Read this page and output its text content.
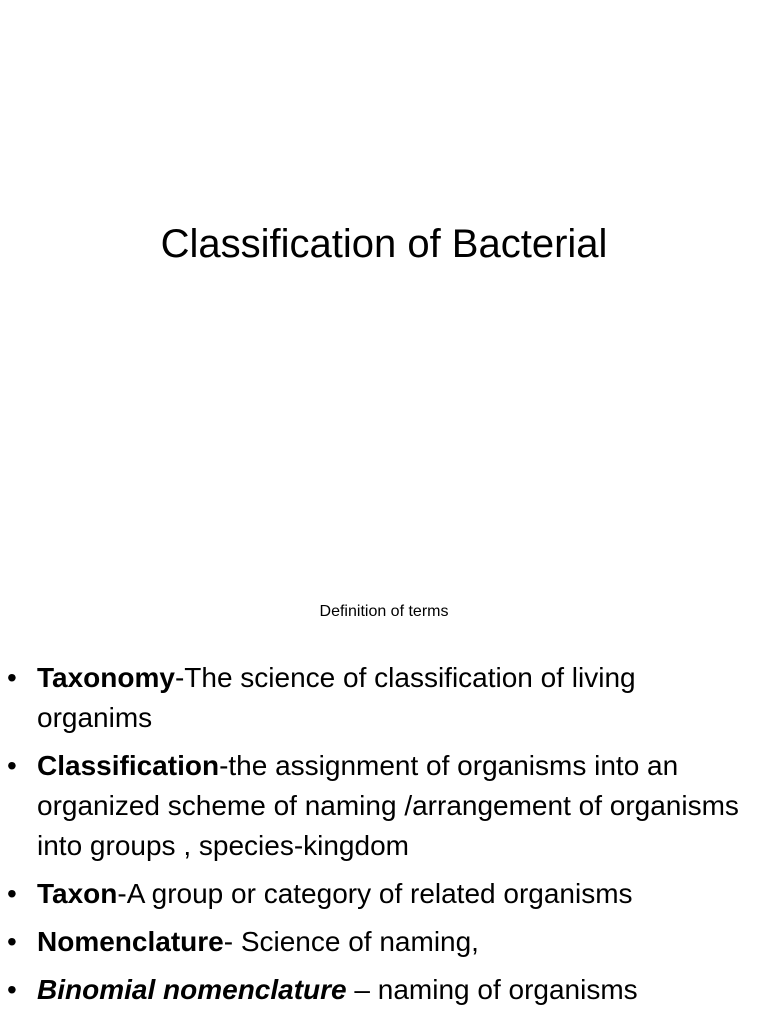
Classification of Bacterial

Definition of terms

• Taxonomy-The science of classification of living organims
• Classification-the assignment of organisms into an organized scheme of naming /arrangement of organisms into groups , species-kingdom
• Taxon-A group or category of related organisms
• Nomenclature- Science of naming,
• Binomial nomenclature – naming of organisms
